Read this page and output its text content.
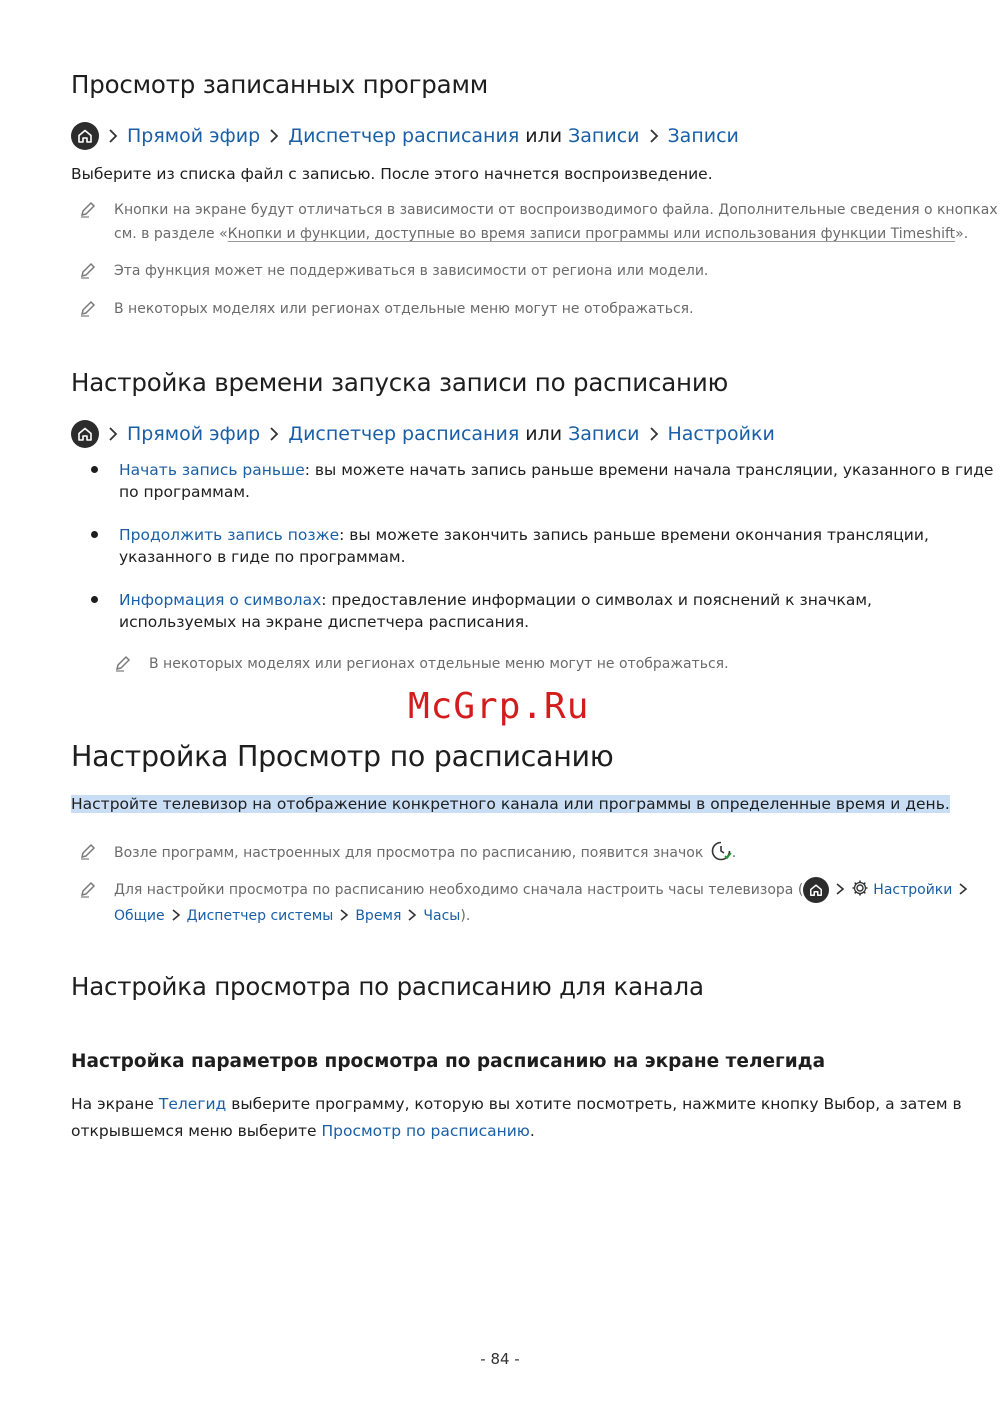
Просмотр записанных программ
Прямой эфир Диспетчер расписания или Записи Записи
Выберите из списка файл с записью. После этого начнется воспроизведение.
Кнопки на экране будут отличаться в зависимости от воспроизводимого файла. Дополнительные сведения о кнопках
см. в разделе «Кнопки и функции, доступные во время записи программы или использования функции Timeshift».
Эта функция может не поддерживаться в зависимости от региона или модели.
В некоторых моделях или регионах отдельные меню могут не отображаться.
Настройка времени запуска записи по расписанию
Прямой эфир Диспетчер расписания или Записи Настройки
Начать запись раньше: вы можете начать запись раньше времени начала трансляции, указанного в гиде
по программам.
Продолжить запись позже: вы можете закончить запись раньше времени окончания трансляции,
указанного в гиде по программам.
Информация о символах: предоставление информации о символах и пояснений к значкам,
используемых на экране диспетчера расписания.
В некоторых моделях или регионах отдельные меню могут не отображаться.
McGrp.Ru
Настройка Просмотр по расписанию
Настройте телевизор на отображение конкретного канала или программы в определенные время и день.
Возле программ, настроенных для просмотра по расписанию, появится значок .
Для настройки просмотра по расписанию необходимо сначала настроить часы телевизора (	Настройки
Общие Диспетчер системы Время Часы).
Настройка просмотра по расписанию для канала
Настройка параметров просмотра по расписанию на экране телегида
На экране Телегид выберите программу, которую вы хотите посмотреть, нажмите кнопку Выбор, а затем в
открывшемся меню выберите Просмотр по расписанию.
- 84 -
